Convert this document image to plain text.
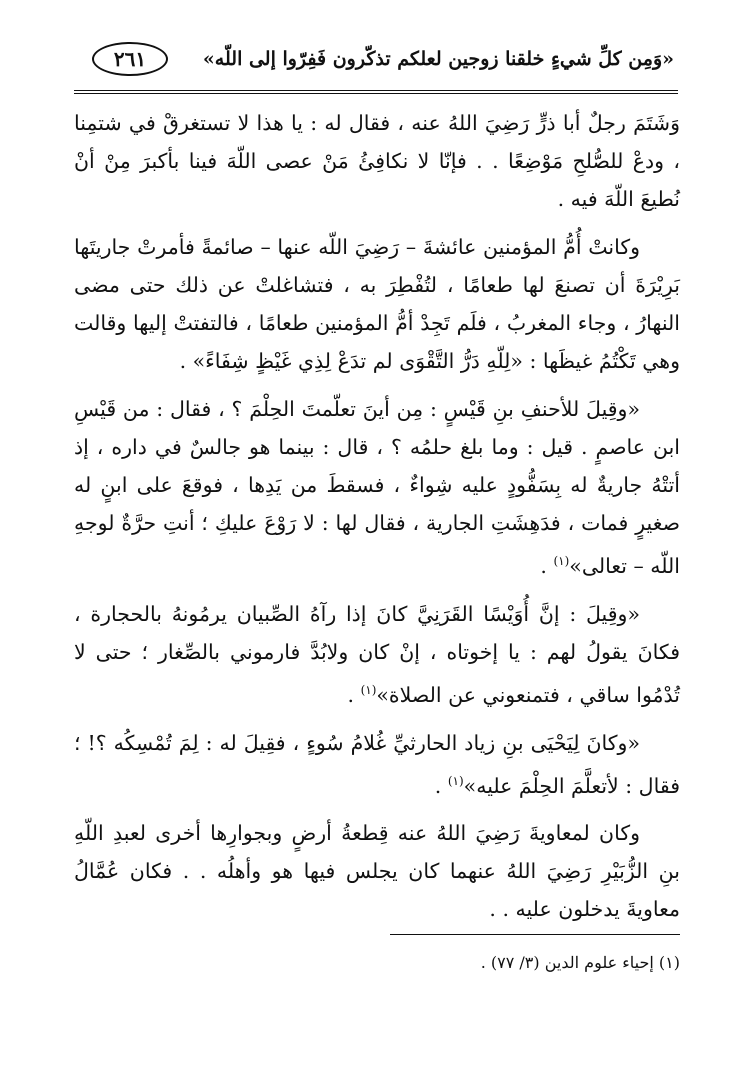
«وَمِن كلِّ شيءٍ خلقنا زوجين لعلكم تذكّرون فَفِرّوا إلى اللّه»
٢٦١

وَشَتَمَ رجلٌ أبا ذرٍّ رَضِيَ اللهُ عنه ، فقال له : يا هذا لا تستغرقْ في شتمِنا ، ودعْ للصُّلحِ مَوْضِعًا . . فإنّا لا نكافِئُ مَنْ عصى اللّهَ فينا بأكبرَ مِنْ أنْ نُطيعَ اللّهَ فيه .

وكانتْ أُمُّ المؤمنين عائشةَ – رَضِيَ اللّه عنها – صائمةً فأمرتْ جاريتَها بَرِيْرَةَ أن تصنعَ لها طعامًا ، لتُفْطِرَ به ، فتشاغلتْ عن ذلك حتى مضى النهارُ ، وجاء المغربُ ، فلَم تَجِدْ أمُّ المؤمنين طعامًا ، فالتفتتْ إليها وقالت وهي تَكْتُمُ غيظَها : «لِلّهِ دَرُّ التَّقْوَى لم تدَعْ لِذِي غَيْظٍ شِفَاءً» .

«وقِيلَ للأحنفِ بنِ قَيْسٍ : مِن أينَ تعلّمتَ الحِلْمَ ؟ ، فقال : من قَيْسِ ابن عاصمٍ . قيل : وما بلغ حلمُه ؟ ، قال : بينما هو جالسٌ في داره ، إذ أتتْهُ جاريةٌ له بِسَفُّودٍ عليه شِواءٌ ، فسقطَ من يَدِها ، فوقعَ على ابنٍ له صغيرٍ فمات ، فدَهِشَتِ الجارية ، فقال لها : لا رَوْعَ عليكِ ؛ أنتِ حرَّةٌ لوجهِ اللّه – تعالى»$^{(١)}$ .

«وقِيلَ : إنَّ أُوَيْسًا القَرَنِيَّ كانَ إذا رآهُ الصِّبيان يرمُونهُ بالحجارة ، فكانَ يقولُ لهم : يا إخوتاه ، إنْ كان ولابُدَّ فارموني بالصِّغار ؛ حتى لا تُدْمُوا ساقي ، فتمنعوني عن الصلاة»$^{(١)}$ .

«وكانَ لِيَحْيَى بنِ زياد الحارثيِّ غُلامُ سُوءٍ ، فقِيلَ له : لِمَ تُمْسِكُه ؟! ؛ فقال : لأتعلَّمَ الحِلْمَ عليه»$^{(١)}$ .

وكان لمعاويةَ رَضِيَ اللهُ عنه قِطعةُ أرضٍ وبجوارِها أخرى لعبدِ اللّهِ بنِ الزُّبَيْرِ رَضِيَ اللهُ عنهما كان يجلس فيها هو وأهلُه . . فكان عُمَّالُ معاويةَ يدخلون عليه . .

(١) إحياء علوم الدين (٣/ ٧٧) .
